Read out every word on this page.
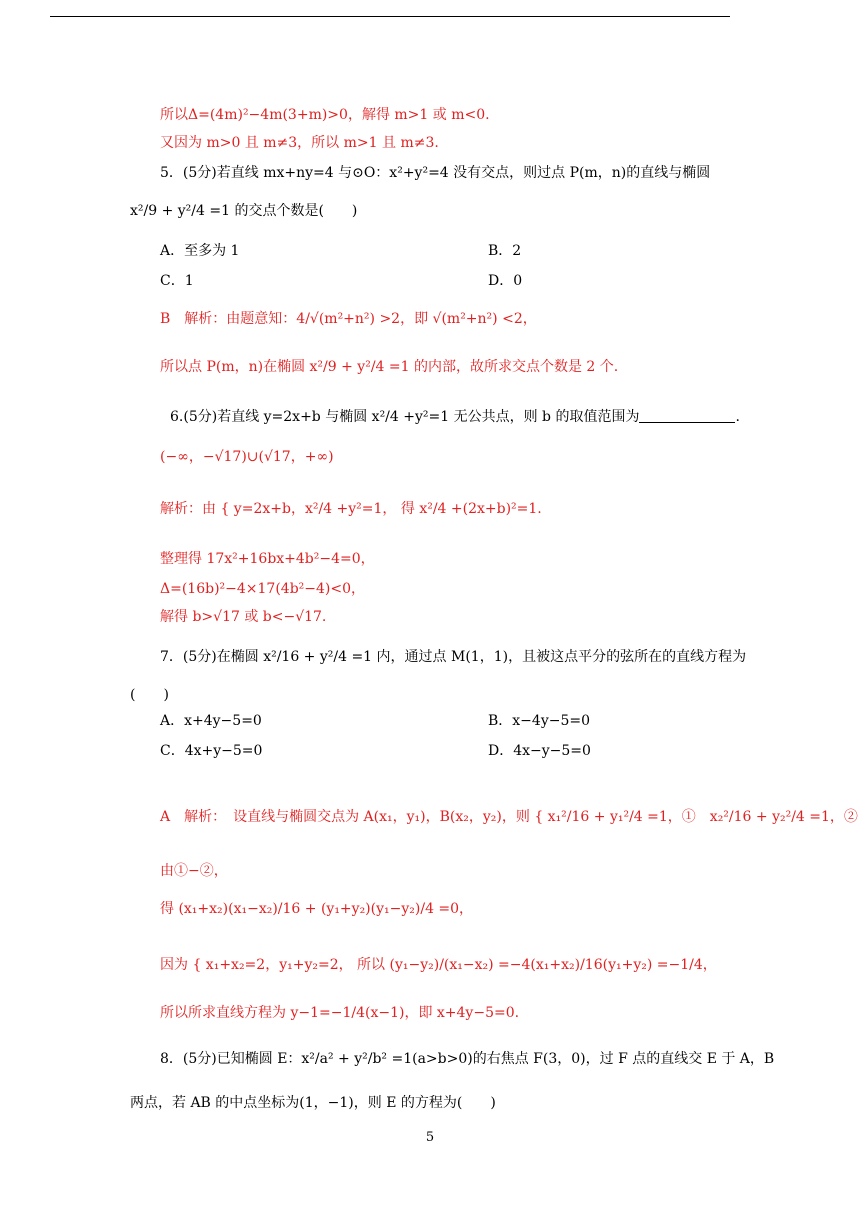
所以Δ=(4m)²−4m(3+m)>0，解得 m>1 或 m<0.
又因为 m>0 且 m≠3，所以 m>1 且 m≠3.
5．(5分)若直线 mx+ny=4 与⊙O：x²+y²=4 没有交点，则过点 P(m，n)的直线与椭圆
x²/9 + y²/4 =1 的交点个数是(　　)
A．至多为 1	B．2
C．1	D．0
B　解析：由题意知：4/√(m²+n²) >2，即 √(m²+n²) <2，
所以点 P(m，n)在椭圆 x²/9 + y²/4 =1 的内部，故所求交点个数是 2 个.
6.(5分)若直线 y=2x+b 与椭圆 x²/4 +y²=1 无公共点，则 b 的取值范围为	.
(−∞，−√17)∪(√17，+∞)
解析：由 { y=2x+b，x²/4 +y²=1， 得 x²/4 +(2x+b)²=1.
整理得 17x²+16bx+4b²−4=0，
Δ=(16b)²−4×17(4b²−4)<0，
解得 b>√17 或 b<−√17.
7．(5分)在椭圆 x²/16 + y²/4 =1 内，通过点 M(1，1)，且被这点平分的弦所在的直线方程为
(　　)
A．x+4y−5=0	B．x−4y−5=0
C．4x+y−5=0	D．4x−y−5=0
A　解析：　设直线与椭圆交点为 A(x₁，y₁)，B(x₂，y₂)，则 { x₁²/16 + y₁²/4 =1，①　x₂²/16 + y₂²/4 =1，②
由①−②，
得 (x₁+x₂)(x₁−x₂)/16 + (y₁+y₂)(y₁−y₂)/4 =0，
因为 { x₁+x₂=2，y₁+y₂=2， 所以 (y₁−y₂)/(x₁−x₂) =−4(x₁+x₂)/16(y₁+y₂) =−1/4，
所以所求直线方程为 y−1=−1/4(x−1)，即 x+4y−5=0.
8．(5分)已知椭圆 E：x²/a² + y²/b² =1(a>b>0)的右焦点 F(3，0)，过 F 点的直线交 E 于 A，B
两点，若 AB 的中点坐标为(1，−1)，则 E 的方程为(　　)
5
